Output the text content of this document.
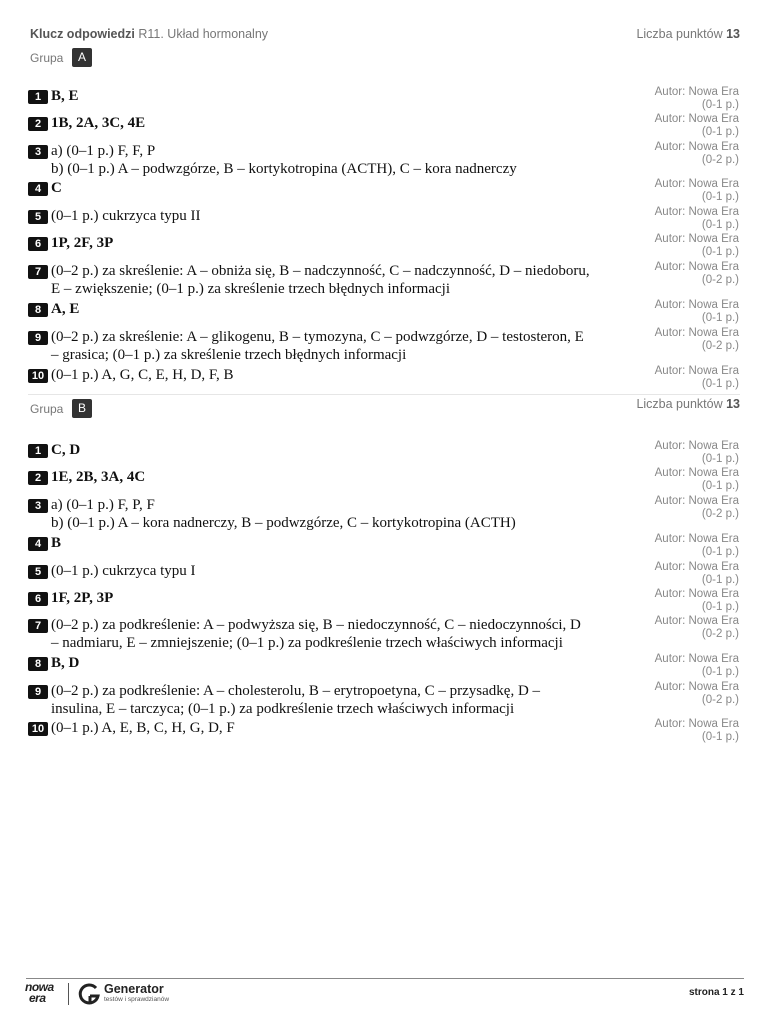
Klucz odpowiedzi R11. Układ hormonalny	Liczba punktów 13
Grupa	A
1 B, E	Autor: Nowa Era
(0-1 p.)
2 1B, 2A, 3C, 4E	Autor: Nowa Era
(0-1 p.)
3 a) (0–1 p.) F, F, P
b) (0–1 p.) A – podwzgórze, B – kortykotropina (ACTH), C – kora nadnerczy
Autor: Nowa Era
(0-2 p.)
4 C	Autor: Nowa Era
(0-1 p.)
5 (0–1 p.) cukrzyca typu II	Autor: Nowa Era
(0-1 p.)
6 1P, 2F, 3P	Autor: Nowa Era
(0-1 p.)
7 (0–2 p.) za skreślenie: A – obniża się, B – nadczynność, C – nadczynność, D – niedoboru,
E – zwiększenie; (0–1 p.) za skreślenie trzech błędnych informacji
Autor: Nowa Era
(0-2 p.)
8 A, E	Autor: Nowa Era
(0-1 p.)
9 (0–2 p.) za skreślenie: A – glikogenu, B – tymozyna, C – podwzgórze, D – testosteron, E
– grasica; (0–1 p.) za skreślenie trzech błędnych informacji
Autor: Nowa Era
(0-2 p.)
10 (0–1 p.) A, G, C, E, H, D, F, B	Autor: Nowa Era
(0-1 p.)
Grupa	B	Liczba punktów 13
1 C, D	Autor: Nowa Era
(0-1 p.)
2 1E, 2B, 3A, 4C	Autor: Nowa Era
(0-1 p.)
3 a) (0–1 p.) F, P, F
b) (0–1 p.) A – kora nadnerczy, B – podwzgórze, C – kortykotropina (ACTH)
Autor: Nowa Era
(0-2 p.)
4 B	Autor: Nowa Era
(0-1 p.)
5 (0–1 p.) cukrzyca typu I	Autor: Nowa Era
(0-1 p.)
6 1F, 2P, 3P	Autor: Nowa Era
(0-1 p.)
7 (0–2 p.) za podkreślenie: A – podwyższa się, B – niedoczynność, C – niedoczynności, D
– nadmiaru, E – zmniejszenie; (0–1 p.) za podkreślenie trzech właściwych informacji
Autor: Nowa Era
(0-2 p.)
8 B, D	Autor: Nowa Era
(0-1 p.)
9 (0–2 p.) za podkreślenie: A – cholesterolu, B – erytropoetyna, C – przysadkę, D –
insulina, E – tarczyca; (0–1 p.) za podkreślenie trzech właściwych informacji
Autor: Nowa Era
(0-2 p.)
10 (0–1 p.) A, E, B, C, H, G, D, F	Autor: Nowa Era
(0-1 p.)
nowa
era
Generator
testów i sprawdzianów
strona 1 z 1
